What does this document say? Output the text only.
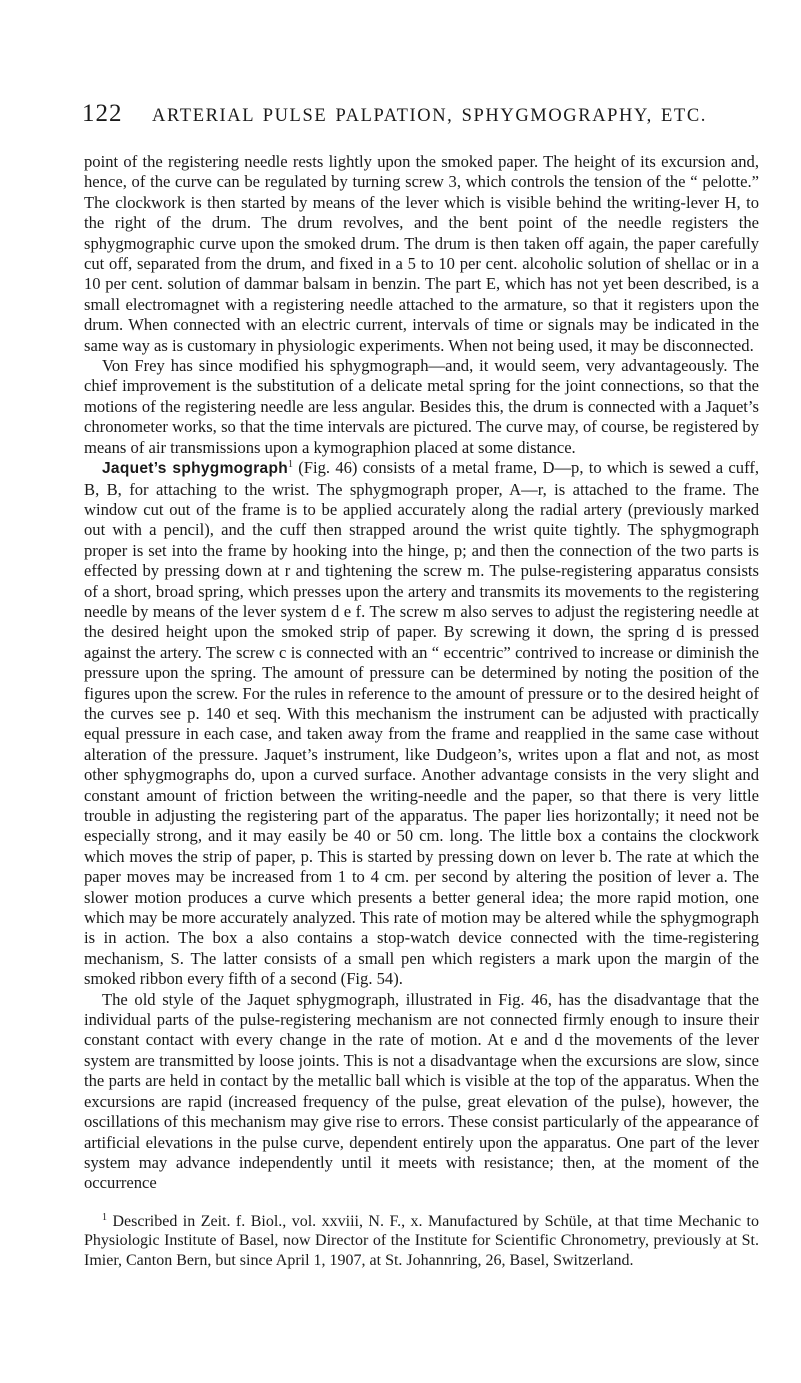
122	ARTERIAL PULSE PALPATION, SPHYGMOGRAPHY, ETC.

point of the registering needle rests lightly upon the smoked paper. The height of its excursion and, hence, of the curve can be regulated by turning screw 3, which controls the tension of the “ pelotte.” The clockwork is then started by means of the lever which is visible behind the writing-lever H, to the right of the drum. The drum revolves, and the bent point of the needle registers the sphygmographic curve upon the smoked drum. The drum is then taken off again, the paper carefully cut off, separated from the drum, and fixed in a 5 to 10 per cent. alcoholic solution of shellac or in a 10 per cent. solution of dammar balsam in benzin. The part E, which has not yet been described, is a small electromagnet with a registering needle attached to the armature, so that it registers upon the drum. When connected with an electric current, intervals of time or signals may be indicated in the same way as is customary in physiologic experiments. When not being used, it may be disconnected.

Von Frey has since modified his sphygmograph—and, it would seem, very advantageously. The chief improvement is the substitution of a delicate metal spring for the joint connections, so that the motions of the registering needle are less angular. Besides this, the drum is connected with a Jaquet’s chronometer works, so that the time intervals are pictured. The curve may, of course, be registered by means of air transmissions upon a kymographion placed at some distance.

Jaquet’s sphygmograph$^1$ (Fig. 46) consists of a metal frame, D—p, to which is sewed a cuff, B, B, for attaching to the wrist. The sphygmograph proper, A—r, is attached to the frame. The window cut out of the frame is to be applied accurately along the radial artery (previously marked out with a pencil), and the cuff then strapped around the wrist quite tightly. The sphygmograph proper is set into the frame by hooking into the hinge, p; and then the connection of the two parts is effected by pressing down at r and tightening the screw m. The pulse-registering apparatus consists of a short, broad spring, which presses upon the artery and transmits its movements to the registering needle by means of the lever system d e f. The screw m also serves to adjust the registering needle at the desired height upon the smoked strip of paper. By screwing it down, the spring d is pressed against the artery. The screw c is connected with an “ eccentric” contrived to increase or diminish the pressure upon the spring. The amount of pressure can be determined by noting the position of the figures upon the screw. For the rules in reference to the amount of pressure or to the desired height of the curves see p. 140 et seq. With this mechanism the instrument can be adjusted with practically equal pressure in each case, and taken away from the frame and reapplied in the same case without alteration of the pressure. Jaquet’s instrument, like Dudgeon’s, writes upon a flat and not, as most other sphygmographs do, upon a curved surface. Another advantage consists in the very slight and constant amount of friction between the writing-needle and the paper, so that there is very little trouble in adjusting the registering part of the apparatus. The paper lies horizontally; it need not be especially strong, and it may easily be 40 or 50 cm. long. The little box a contains the clockwork which moves the strip of paper, p. This is started by pressing down on lever b. The rate at which the paper moves may be increased from 1 to 4 cm. per second by altering the position of lever a. The slower motion produces a curve which presents a better general idea; the more rapid motion, one which may be more accurately analyzed. This rate of motion may be altered while the sphygmograph is in action. The box a also contains a stop-watch device connected with the time-registering mechanism, S. The latter consists of a small pen which registers a mark upon the margin of the smoked ribbon every fifth of a second (Fig. 54).

The old style of the Jaquet sphygmograph, illustrated in Fig. 46, has the disadvantage that the individual parts of the pulse-registering mechanism are not connected firmly enough to insure their constant contact with every change in the rate of motion. At e and d the movements of the lever system are transmitted by loose joints. This is not a disadvantage when the excursions are slow, since the parts are held in contact by the metallic ball which is visible at the top of the apparatus. When the excursions are rapid (increased frequency of the pulse, great elevation of the pulse), however, the oscillations of this mechanism may give rise to errors. These consist particularly of the appearance of artificial elevations in the pulse curve, dependent entirely upon the apparatus. One part of the lever system may advance independently until it meets with resistance; then, at the moment of the occurrence

$^1$ Described in Zeit. f. Biol., vol. xxviii, N. F., x. Manufactured by Schüle, at that time Mechanic to Physiologic Institute of Basel, now Director of the Institute for Scientific Chronometry, previously at St. Imier, Canton Bern, but since April 1, 1907, at St. Johannring, 26, Basel, Switzerland.
